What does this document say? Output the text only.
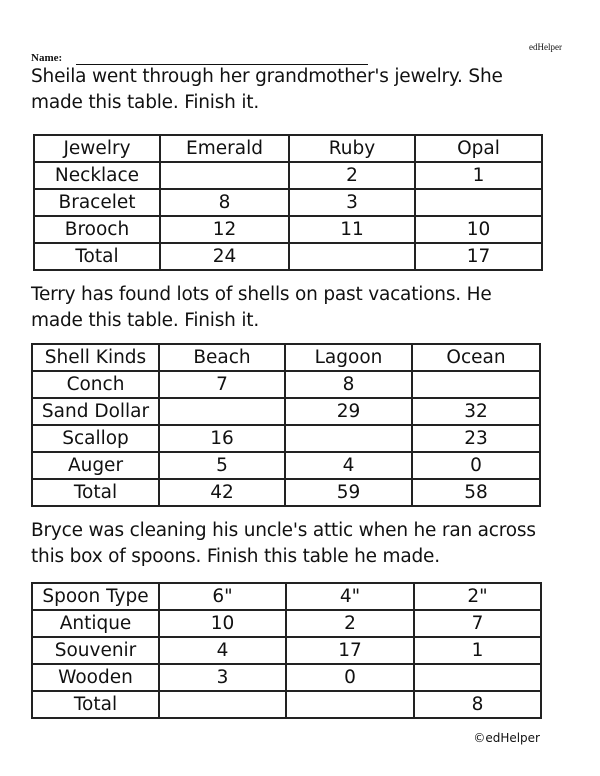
edHelper
Name:
Sheila went through her grandmother's jewelry. She made this table. Finish it.
Jewelry	Emerald	Ruby	Opal
Necklace		2	1
Bracelet	8	3	
Brooch	12	11	10
Total	24		17
Terry has found lots of shells on past vacations. He made this table. Finish it.
Shell Kinds	Beach	Lagoon	Ocean
Conch	7	8	
Sand Dollar		29	32
Scallop	16		23
Auger	5	4	0
Total	42	59	58
Bryce was cleaning his uncle's attic when he ran across this box of spoons. Finish this table he made.
Spoon Type	6"	4"	2"
Antique	10	2	7
Souvenir	4	17	1
Wooden	3	0	
Total			8
©edHelper
